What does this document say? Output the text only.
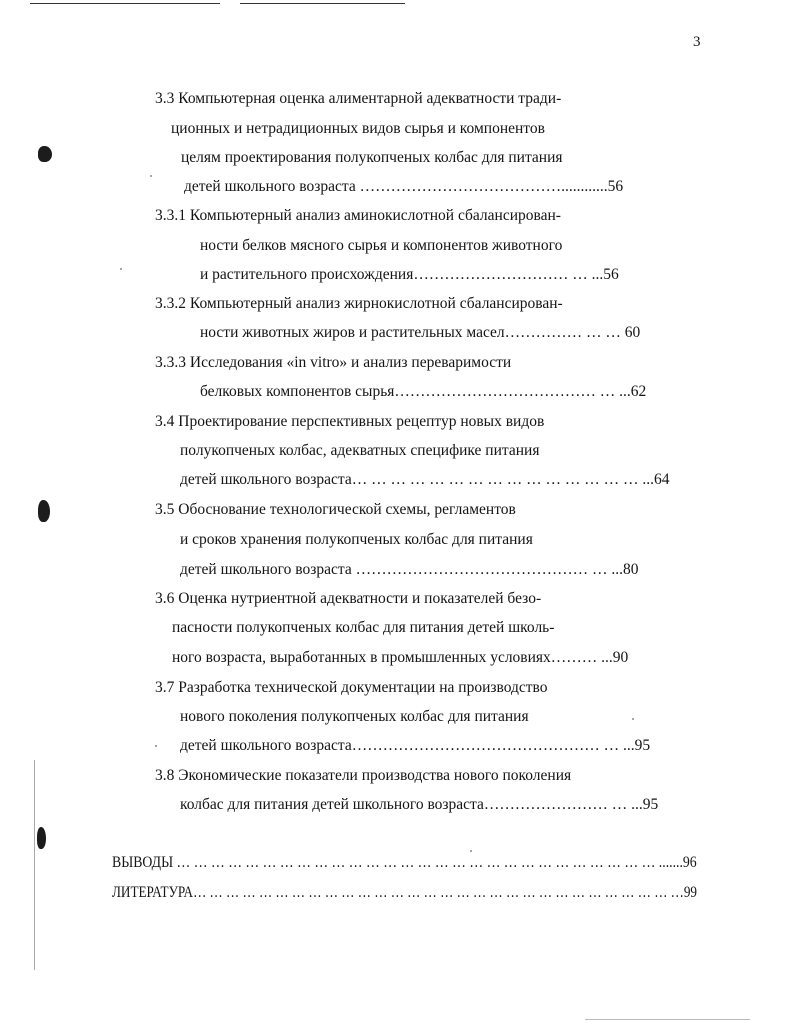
3
3.3 Компьютерная оценка алиментарной адекватности тради-
ционных и нетрадиционных видов сырья и компонентов
целям проектирования полукопченых колбас для питания
детей школьного возраста …………………………………............56
3.3.1 Компьютерный анализ аминокислотной сбалансирован-
ности белков мясного сырья и компонентов животного
и растительного происхождения………………………… … ...56
3.3.2 Компьютерный анализ жирнокислотной сбалансирован-
ности животных жиров и растительных масел…………… … … 60
3.3.3 Исследования «in vitro» и анализ переваримости
белковых компонентов сырья………………………………… … ...62
3.4 Проектирование перспективных рецептур новых видов
полукопченых колбас, адекватных специфике питания
детей школьного возраста… … … … … … … … … … … … … … … ...64
3.5 Обоснование технологической схемы, регламентов
и сроков хранения полукопченых колбас для питания
детей школьного возраста ……………………………………… … ...80
3.6 Оценка нутриентной адекватности и показателей безо-
пасности полукопченых колбас для питания детей школь-
ного возраста, выработанных в промышленных условиях……… ...90
3.7 Разработка технической документации на производство
нового поколения полукопченых колбас для питания
детей школьного возраста………………………………………… … ...95
3.8 Экономические показатели производства нового поколения
колбас для питания детей школьного возраста…………………… … ...95
ВЫВОДЫ … … … … … … … … … … … … … … … … … … … … … … … … … … … … .......96
ЛИТЕРАТУРА… … … … … … … … … … … … … … … … … … … … … … … … … … … … … …99
